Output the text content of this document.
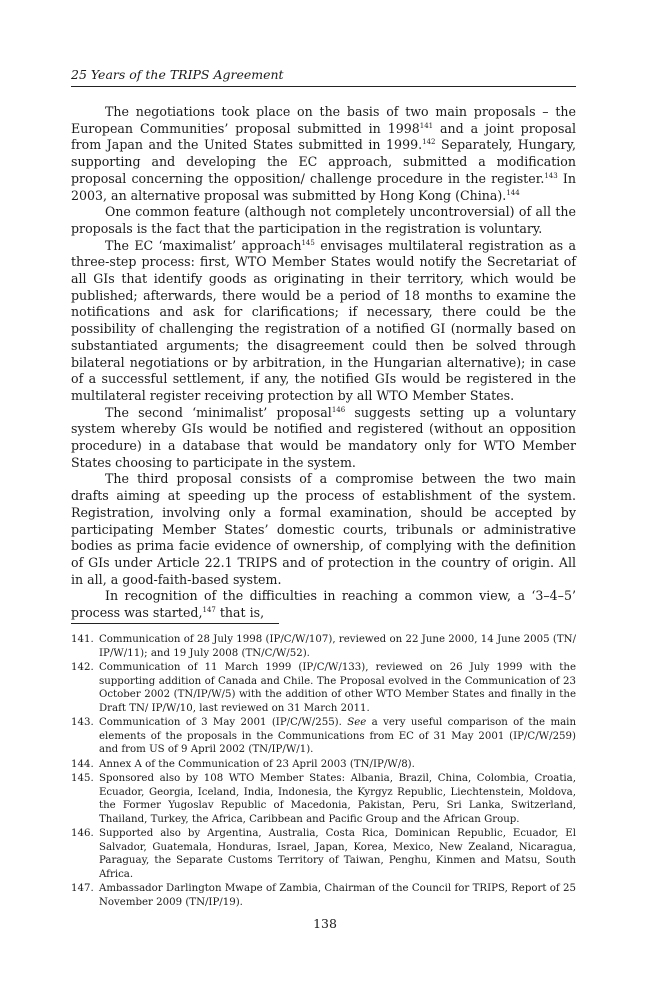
25 Years of the TRIPS Agreement

The negotiations took place on the basis of two main proposals – the European Communities’ proposal submitted in 1998$^{141}$ and a joint proposal from Japan and the United States submitted in 1999.$^{142}$ Separately, Hungary, supporting and developing the EC approach, submitted a modification proposal concerning the opposition/ challenge procedure in the register.$^{143}$ In 2003, an alternative proposal was submitted by Hong Kong (China).$^{144}$

One common feature (although not completely uncontroversial) of all the proposals is the fact that the participation in the registration is voluntary.

The EC ‘maximalist’ approach$^{145}$ envisages multilateral registration as a three-step process: first, WTO Member States would notify the Secretariat of all GIs that identify goods as originating in their territory, which would be published; afterwards, there would be a period of 18 months to examine the notifications and ask for clarifications; if necessary, there could be the possibility of challenging the registration of a notified GI (normally based on substantiated arguments; the disagreement could then be solved through bilateral negotiations or by arbitration, in the Hungarian alternative); in case of a successful settlement, if any, the notified GIs would be registered in the multilateral register receiving protection by all WTO Member States.

The second ‘minimalist’ proposal$^{146}$ suggests setting up a voluntary system whereby GIs would be notified and registered (without an opposition procedure) in a database that would be mandatory only for WTO Member States choosing to participate in the system.

The third proposal consists of a compromise between the two main drafts aiming at speeding up the process of establishment of the system. Registration, involving only a formal examination, should be accepted by participating Member States’ domestic courts, tribunals or administrative bodies as prima facie evidence of ownership, of complying with the definition of GIs under Article 22.1 TRIPS and of protection in the country of origin. All in all, a good-faith-based system.

In recognition of the difficulties in reaching a common view, a ‘3–4–5’ process was started,$^{147}$ that is,

141. Communication of 28 July 1998 (IP/C/W/107), reviewed on 22 June 2000, 14 June 2005 (TN/ IP/W/11); and 19 July 2008 (TN/C/W/52).
142. Communication of 11 March 1999 (IP/C/W/133), reviewed on 26 July 1999 with the supporting addition of Canada and Chile. The Proposal evolved in the Communication of 23 October 2002 (TN/IP/W/5) with the addition of other WTO Member States and finally in the Draft TN/ IP/W/10, last reviewed on 31 March 2011.
143. Communication of 3 May 2001 (IP/C/W/255). See a very useful comparison of the main elements of the proposals in the Communications from EC of 31 May 2001 (IP/C/W/259) and from US of 9 April 2002 (TN/IP/W/1).
144. Annex A of the Communication of 23 April 2003 (TN/IP/W/8).
145. Sponsored also by 108 WTO Member States: Albania, Brazil, China, Colombia, Croatia, Ecuador, Georgia, Iceland, India, Indonesia, the Kyrgyz Republic, Liechtenstein, Moldova, the Former Yugoslav Republic of Macedonia, Pakistan, Peru, Sri Lanka, Switzerland, Thailand, Turkey, the Africa, Caribbean and Pacific Group and the African Group.
146. Supported also by Argentina, Australia, Costa Rica, Dominican Republic, Ecuador, El Salvador, Guatemala, Honduras, Israel, Japan, Korea, Mexico, New Zealand, Nicaragua, Paraguay, the Separate Customs Territory of Taiwan, Penghu, Kinmen and Matsu, South Africa.
147. Ambassador Darlington Mwape of Zambia, Chairman of the Council for TRIPS, Report of 25 November 2009 (TN/IP/19).
138
